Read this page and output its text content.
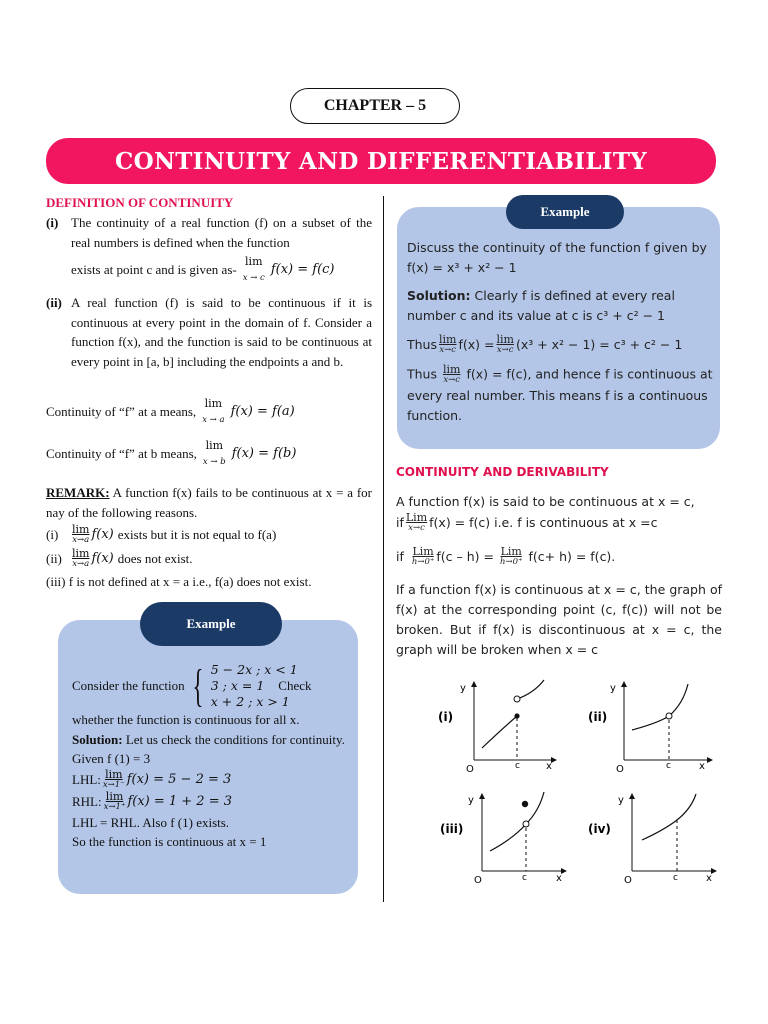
CHAPTER – 5
CONTINUITY AND DIFFERENTIABILITY
DEFINITION OF CONTINUITY
(i) The continuity of a real function (f) on a subset of the real numbers is defined when the function
exists at point c and is given as-
lim
x → c
f(x) = f(c)
(ii) A real function (f) is said to be continuous if it is continuous at every point in the domain of f. Consider a function f(x), and the function is said to be continuous at every point in [a, b] including the endpoints a and b.
Continuity of “f” at a means,
lim
x → a
f(x) = f(a)
Continuity of “f” at b means,
lim
x → b
f(x) = f(b)
REMARK: A function f(x) fails to be continuous at x = a for nay of the following reasons.
(i)	lim
x→a f(x) exists but it is not equal to f(a)
(ii) lim
x→a f(x) does not exist.
(iii) f is not defined at x = a i.e., f(a) does not exist.
Example
Consider the function { 5 − 2x ; x < 1
3 ; x = 1 Check
x + 2 ; x > 1
whether the function is continuous for all x.
Solution: Let us check the conditions for continuity.
Given f (1) = 3
LHL: lim
x→1⁻ f(x) = 5 − 2 = 3
RHL: lim
x→1⁺ f(x) = 1 + 2 = 3
LHL = RHL. Also f (1) exists.
So the function is continuous at x = 1
Example
Discuss the continuity of the function f given by
f(x) = x³ + x² − 1
Solution: Clearly f is defined at every real number c and its value at c is c³ + c² − 1
Thus lim
x→c f(x) = lim
x→c (x³ + x² − 1) = c³ + c² − 1
Thus lim
x→c f(x) = f(c), and hence f is continuous at every real number. This means f is a continuous function.
CONTINUITY AND DERIVABILITY
A function f(x) is said to be continuous at x = c,
if Lim
x→c f(x) = f(c) i.e. f is continuous at x =c
if Lim
h→0⁺ f(c – h) = Lim
h→0⁺ f(c+ h) = f(c).
If a function f(x) is continuous at x = c, the graph of f(x) at the corresponding point (c, f(c)) will not be broken. But if f(x) is discontinuous at x = c, the graph will be broken when x = c
(i)
y
O	x
c
(ii)
y
O	x
c
(iii)
y
O	x
c
(iv)
y
O	x
c
